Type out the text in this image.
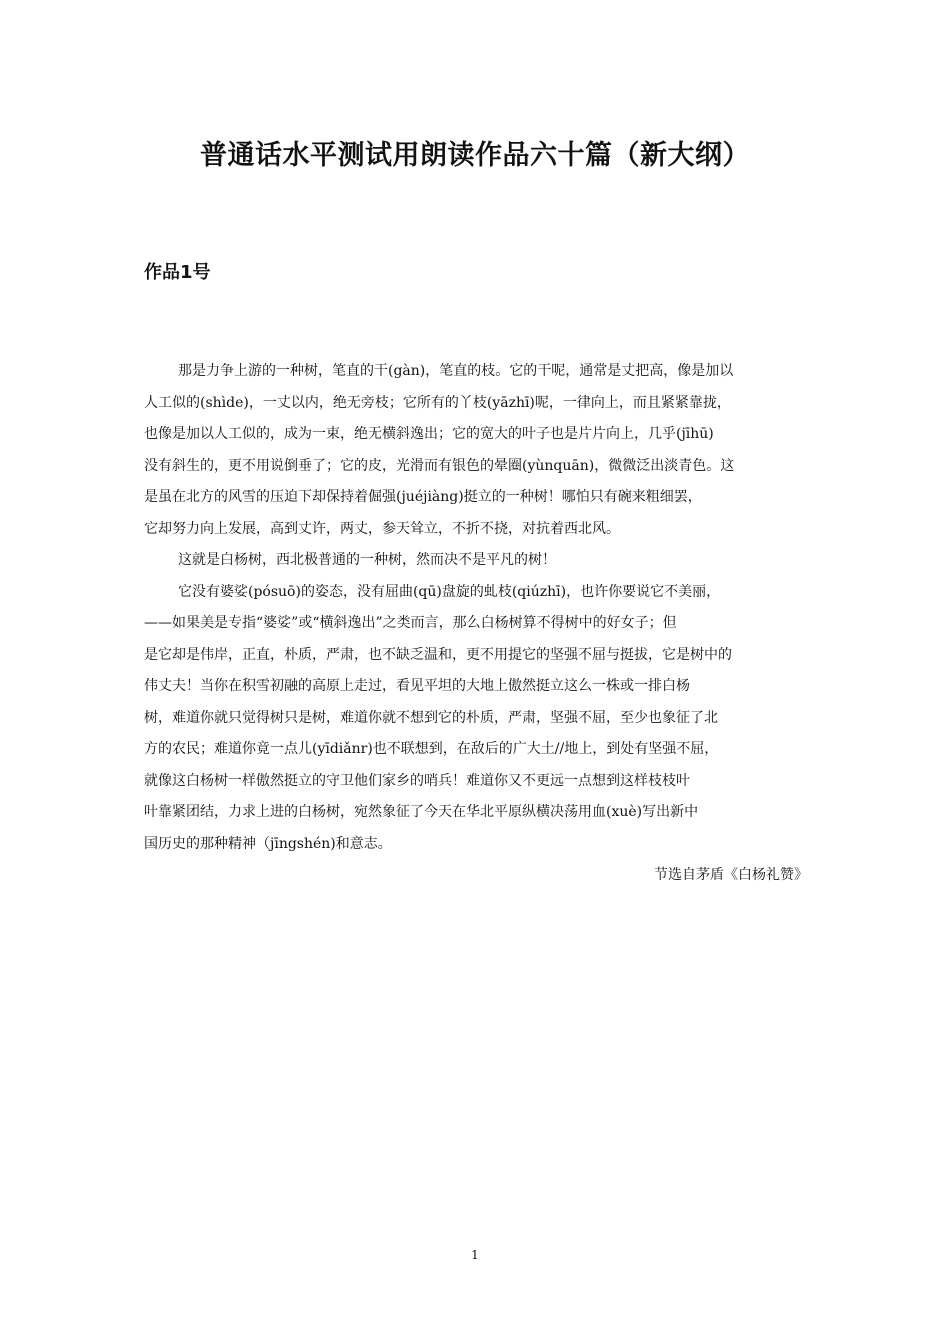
普通话水平测试用朗读作品六十篇（新大纲）
作品1号
那是力争上游的一种树，笔直的干(gàn)，笔直的枝。它的干呢，通常是丈把高，像是加以
人工似的(shìde)，一丈以内，绝无旁枝；它所有的丫枝(yāzhī)呢，一律向上，而且紧紧靠拢，
也像是加以人工似的，成为一束，绝无横斜逸出；它的宽大的叶子也是片片向上，几乎(jīhū)
没有斜生的，更不用说倒垂了；它的皮，光滑而有银色的晕圈(yùnquān)，微微泛出淡青色。这
是虽在北方的风雪的压迫下却保持着倔强(juéjiàng)挺立的一种树！哪怕只有碗来粗细罢，
它却努力向上发展，高到丈许，两丈，参天耸立，不折不挠，对抗着西北风。
这就是白杨树，西北极普通的一种树，然而决不是平凡的树！
它没有婆娑(pósuō)的姿态，没有屈曲(qū)盘旋的虬枝(qiúzhī)，也许你要说它不美丽，
——如果美是专指“婆娑”或“横斜逸出”之类而言，那么白杨树算不得树中的好女子；但
是它却是伟岸，正直，朴质，严肃，也不缺乏温和，更不用提它的坚强不屈与挺拔，它是树中的
伟丈夫！当你在积雪初融的高原上走过，看见平坦的大地上傲然挺立这么一株或一排白杨
树，难道你就只觉得树只是树，难道你就不想到它的朴质，严肃，坚强不屈，至少也象征了北
方的农民；难道你竟一点儿(yīdiǎnr)也不联想到，在敌后的广大土//地上，到处有坚强不屈，
就像这白杨树一样傲然挺立的守卫他们家乡的哨兵！难道你又不更远一点想到这样枝枝叶
叶靠紧团结，力求上进的白杨树，宛然象征了今天在华北平原纵横决荡用血(xuè)写出新中
国历史的那种精神（jīngshén)和意志。
节选自茅盾《白杨礼赞》
1
